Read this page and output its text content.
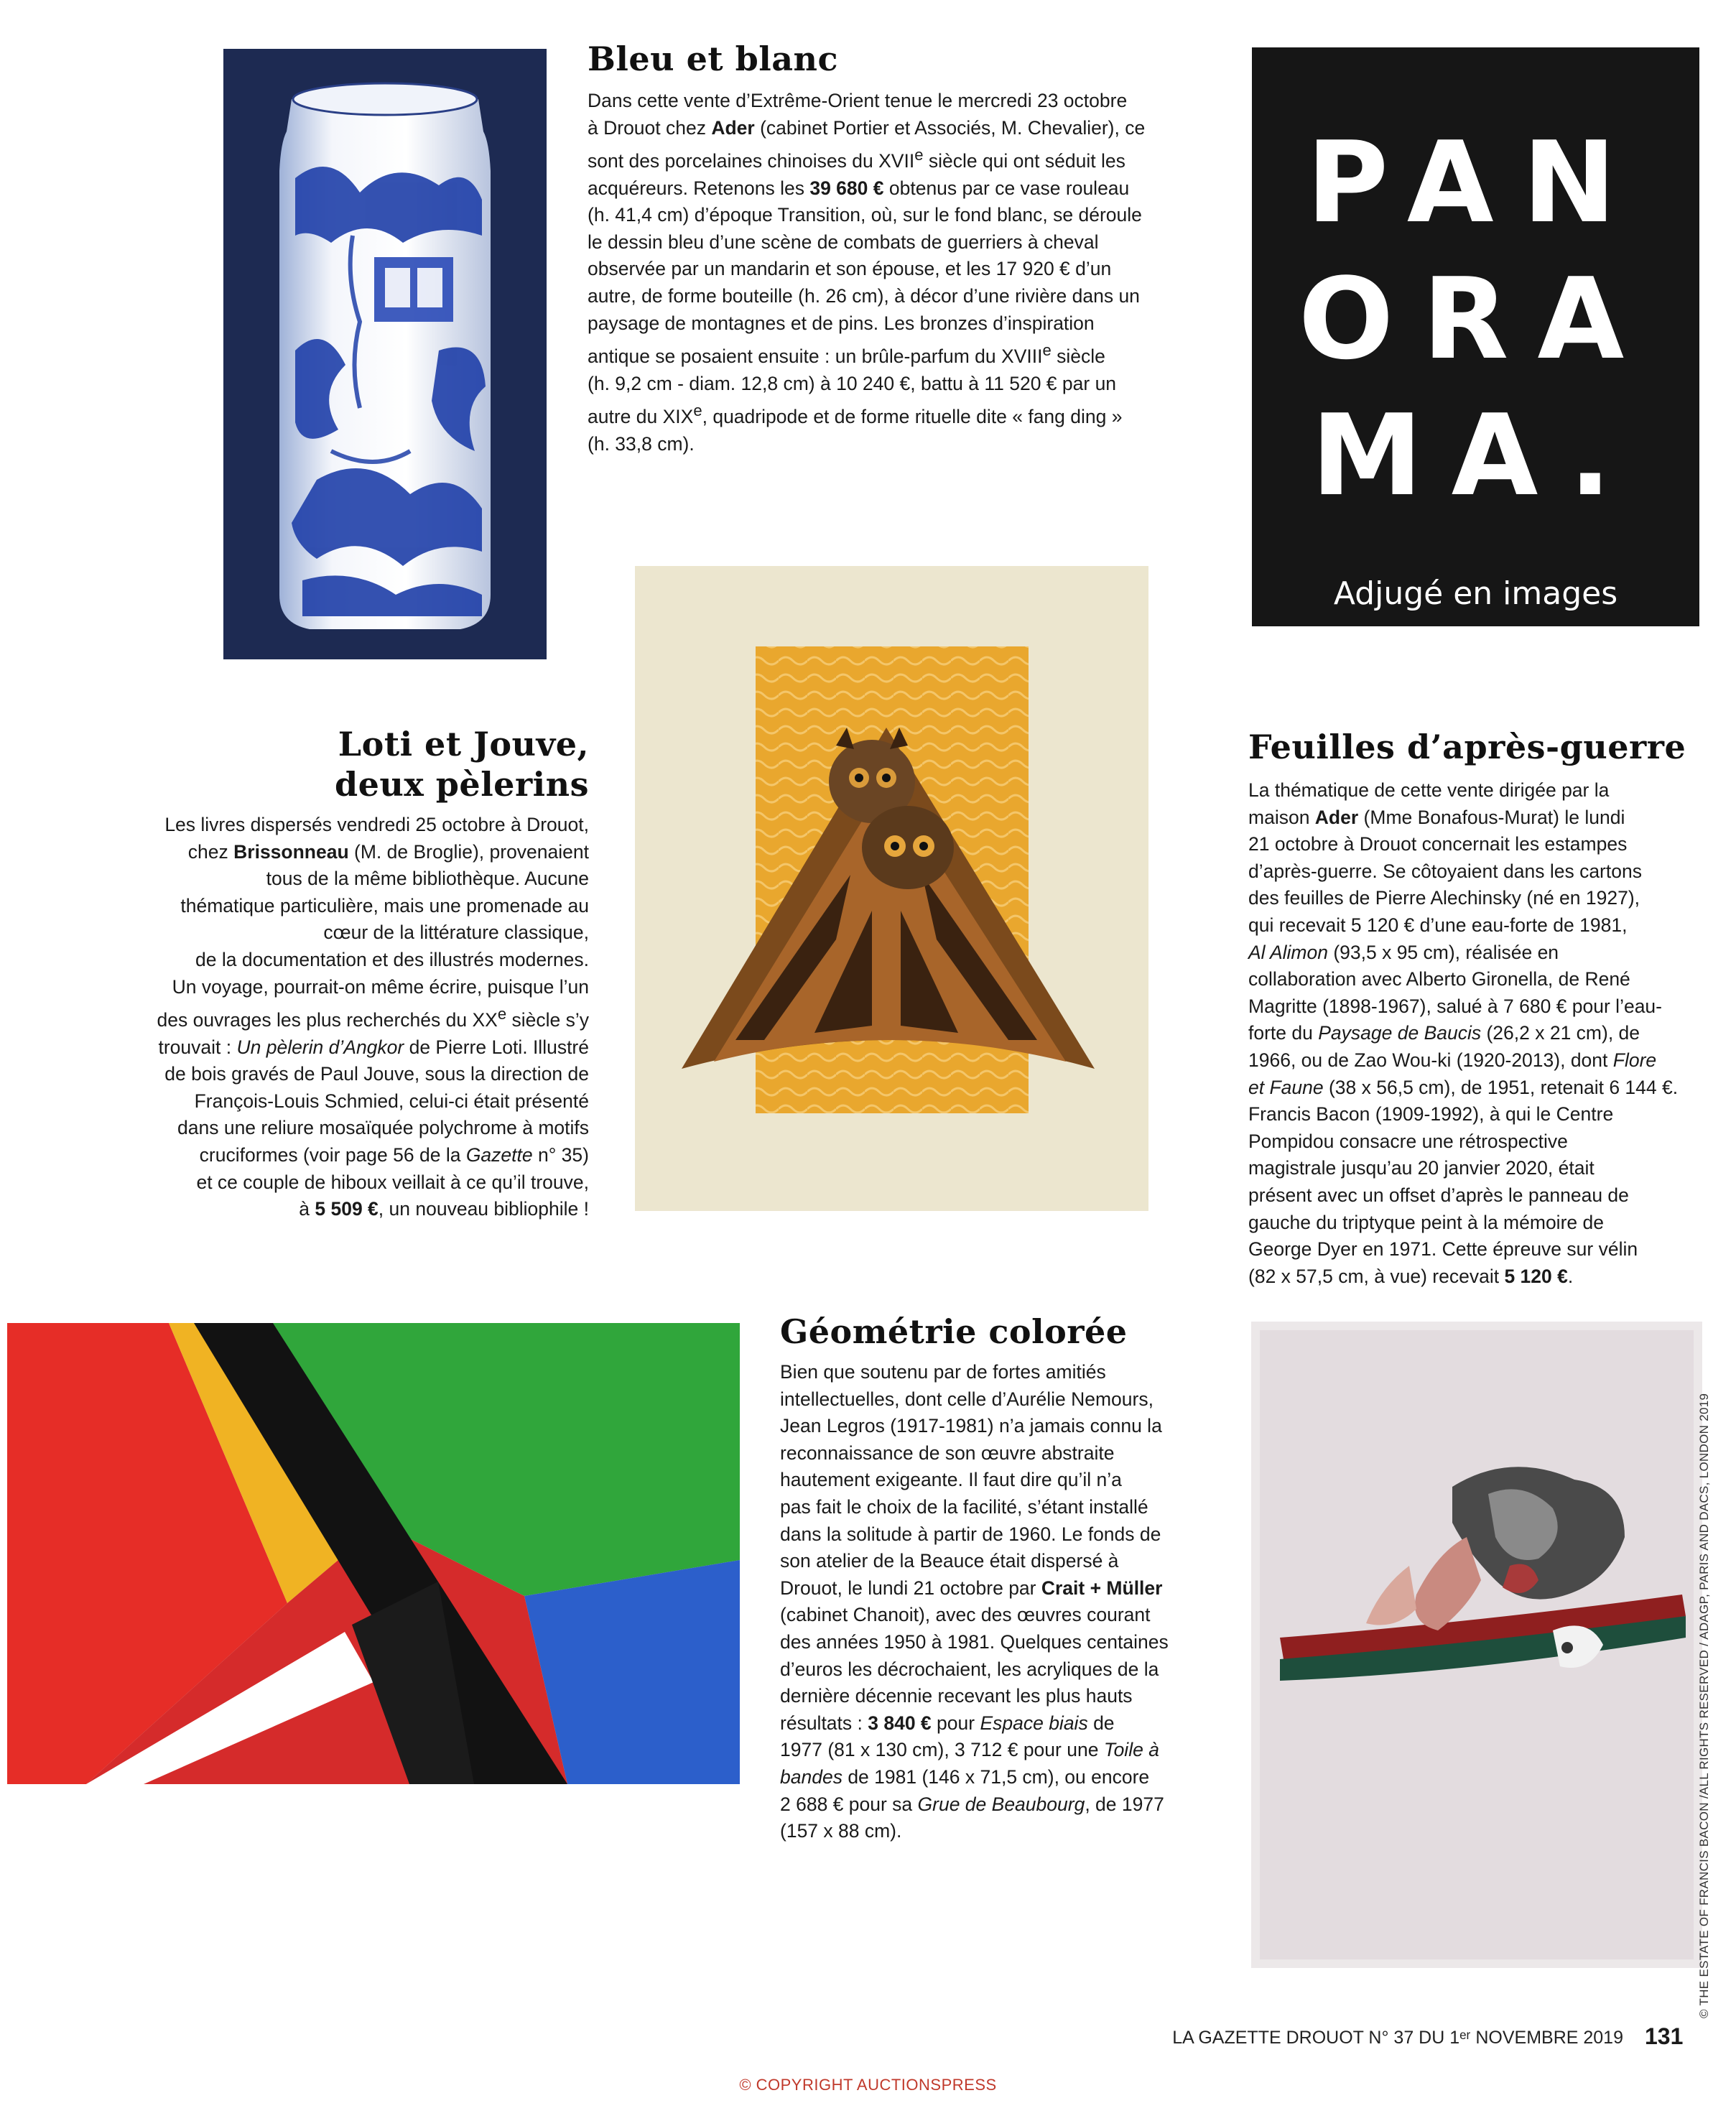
Bleu et blanc
Dans cette vente d’Extrême-Orient tenue le mercredi 23 octobre
à Drouot chez Ader (cabinet Portier et Associés, M. Chevalier), ce
sont des porcelaines chinoises du XVIIe siècle qui ont séduit les
acquéreurs. Retenons les 39 680 € obtenus par ce vase rouleau
(h. 41,4 cm) d’époque Transition, où, sur le fond blanc, se déroule
le dessin bleu d’une scène de combats de guerriers à cheval
observée par un mandarin et son épouse, et les 17 920 € d’un
autre, de forme bouteille (h. 26 cm), à décor d’une rivière dans un
paysage de montagnes et de pins. Les bronzes d’inspiration
antique se posaient ensuite : un brûle-parfum du XVIIIe siècle
(h. 9,2 cm - diam. 12,8 cm) à 10 240 €, battu à 11 520 € par un
autre du XIXe, quadripode et de forme rituelle dite « fang ding »
(h. 33,8 cm).
PAN
ORA
MA.
Adjugé en images
Loti et Jouve,
deux pèlerins
Les livres dispersés vendredi 25 octobre à Drouot,
chez Brissonneau (M. de Broglie), provenaient
tous de la même bibliothèque. Aucune
thématique particulière, mais une promenade au
cœur de la littérature classique,
de la documentation et des illustrés modernes.
Un voyage, pourrait-on même écrire, puisque l’un
des ouvrages les plus recherchés du XXe siècle s’y
trouvait : Un pèlerin d’Angkor de Pierre Loti. Illustré
de bois gravés de Paul Jouve, sous la direction de
François-Louis Schmied, celui-ci était présenté
dans une reliure mosaïquée polychrome à motifs
cruciformes (voir page 56 de la Gazette n° 35)
et ce couple de hiboux veillait à ce qu’il trouve,
à 5 509 €, un nouveau bibliophile !
Feuilles d’après-guerre
La thématique de cette vente dirigée par la
maison Ader (Mme Bonafous-Murat) le lundi
21 octobre à Drouot concernait les estampes
d’après-guerre. Se côtoyaient dans les cartons
des feuilles de Pierre Alechinsky (né en 1927),
qui recevait 5 120 € d’une eau-forte de 1981,
Al Alimon (93,5 x 95 cm), réalisée en
collaboration avec Alberto Gironella, de René
Magritte (1898-1967), salué à 7 680 € pour l’eau-
forte du Paysage de Baucis (26,2 x 21 cm), de
1966, ou de Zao Wou-ki (1920-2013), dont Flore
et Faune (38 x 56,5 cm), de 1951, retenait 6 144 €.
Francis Bacon (1909-1992), à qui le Centre
Pompidou consacre une rétrospective
magistrale jusqu’au 20 janvier 2020, était
présent avec un offset d’après le panneau de
gauche du triptyque peint à la mémoire de
George Dyer en 1971. Cette épreuve sur vélin
(82 x 57,5 cm, à vue) recevait 5 120 €.
Géométrie colorée
Bien que soutenu par de fortes amitiés
intellectuelles, dont celle d’Aurélie Nemours,
Jean Legros (1917-1981) n’a jamais connu la
reconnaissance de son œuvre abstraite
hautement exigeante. Il faut dire qu’il n’a
pas fait le choix de la facilité, s’étant installé
dans la solitude à partir de 1960. Le fonds de
son atelier de la Beauce était dispersé à
Drouot, le lundi 21 octobre par Crait + Müller
(cabinet Chanoit), avec des œuvres courant
des années 1950 à 1981. Quelques centaines
d’euros les décrochaient, les acryliques de la
dernière décennie recevant les plus hauts
résultats : 3 840 € pour Espace biais de
1977 (81 x 130 cm), 3 712 € pour une Toile à
bandes de 1981 (146 x 71,5 cm), ou encore
2 688 € pour sa Grue de Beaubourg, de 1977
(157 x 88 cm).	© THE ESTATE OF FRANCIS BACON /ALL RIGHTS RESERVED / ADAGP, PARIS AND DACS, LONDON 2019
LA GAZETTE DROUOT N° 37 DU 1ᵉʳ NOVEMBRE 2019 131
© COPYRIGHT AUCTIONSPRESS
